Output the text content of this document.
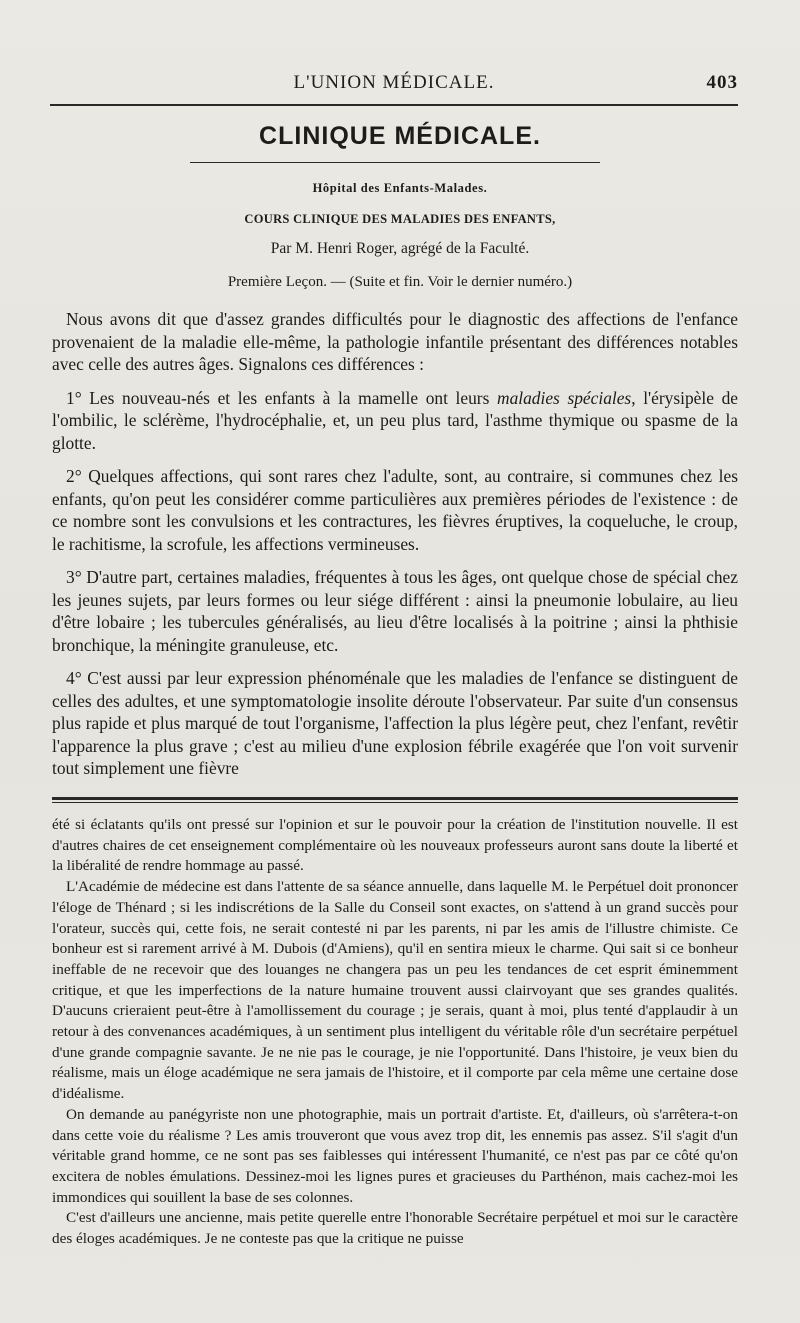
L'UNION MÉDICALE.	403
CLINIQUE MÉDICALE.
Hôpital des Enfants-Malades.
COURS CLINIQUE DES MALADIES DES ENFANTS,
Par M. Henri Roger, agrégé de la Faculté.
Première Leçon. — (Suite et fin. Voir le dernier numéro.)

Nous avons dit que d'assez grandes difficultés pour le diagnostic des affections de l'enfance provenaient de la maladie elle-même, la pathologie infantile présentant des différences notables avec celle des autres âges. Signalons ces différences :

1° Les nouveau-nés et les enfants à la mamelle ont leurs maladies spéciales, l'érysipèle de l'ombilic, le sclérème, l'hydrocéphalie, et, un peu plus tard, l'asthme thymique ou spasme de la glotte.

2° Quelques affections, qui sont rares chez l'adulte, sont, au contraire, si communes chez les enfants, qu'on peut les considérer comme particulières aux premières périodes de l'existence : de ce nombre sont les convulsions et les contractures, les fièvres éruptives, la coqueluche, le croup, le rachitisme, la scrofule, les affections vermineuses.

3° D'autre part, certaines maladies, fréquentes à tous les âges, ont quelque chose de spécial chez les jeunes sujets, par leurs formes ou leur siége différent : ainsi la pneumonie lobulaire, au lieu d'être lobaire ; les tubercules généralisés, au lieu d'être localisés à la poitrine ; ainsi la phthisie bronchique, la méningite granuleuse, etc.

4° C'est aussi par leur expression phénoménale que les maladies de l'enfance se distinguent de celles des adultes, et une symptomatologie insolite déroute l'observateur. Par suite d'un consensus plus rapide et plus marqué de tout l'organisme, l'affection la plus légère peut, chez l'enfant, revêtir l'apparence la plus grave ; c'est au milieu d'une explosion fébrile exagérée que l'on voit survenir tout simplement une fièvre

été si éclatants qu'ils ont pressé sur l'opinion et sur le pouvoir pour la création de l'institution nouvelle. Il est d'autres chaires de cet enseignement complémentaire où les nouveaux professeurs auront sans doute la liberté et la libéralité de rendre hommage au passé.

L'Académie de médecine est dans l'attente de sa séance annuelle, dans laquelle M. le Perpétuel doit prononcer l'éloge de Thénard ; si les indiscrétions de la Salle du Conseil sont exactes, on s'attend à un grand succès pour l'orateur, succès qui, cette fois, ne serait contesté ni par les parents, ni par les amis de l'illustre chimiste. Ce bonheur est si rarement arrivé à M. Dubois (d'Amiens), qu'il en sentira mieux le charme. Qui sait si ce bonheur ineffable de ne recevoir que des louanges ne changera pas un peu les tendances de cet esprit éminemment critique, et que les imperfections de la nature humaine trouvent aussi clairvoyant que ses grandes qualités. D'aucuns crieraient peut-être à l'amollissement du courage ; je serais, quant à moi, plus tenté d'applaudir à un retour à des convenances académiques, à un sentiment plus intelligent du véritable rôle d'un secrétaire perpétuel d'une grande compagnie savante. Je ne nie pas le courage, je nie l'opportunité. Dans l'histoire, je veux bien du réalisme, mais un éloge académique ne sera jamais de l'histoire, et il comporte par cela même une certaine dose d'idéalisme.

On demande au panégyriste non une photographie, mais un portrait d'artiste. Et, d'ailleurs, où s'arrêtera-t-on dans cette voie du réalisme ? Les amis trouveront que vous avez trop dit, les ennemis pas assez. S'il s'agit d'un véritable grand homme, ce ne sont pas ses faiblesses qui intéressent l'humanité, ce n'est pas par ce côté qu'on excitera de nobles émulations. Dessinez-moi les lignes pures et gracieuses du Parthénon, mais cachez-moi les immondices qui souillent la base de ses colonnes.

C'est d'ailleurs une ancienne, mais petite querelle entre l'honorable Secrétaire perpétuel et moi sur le caractère des éloges académiques. Je ne conteste pas que la critique ne puisse
